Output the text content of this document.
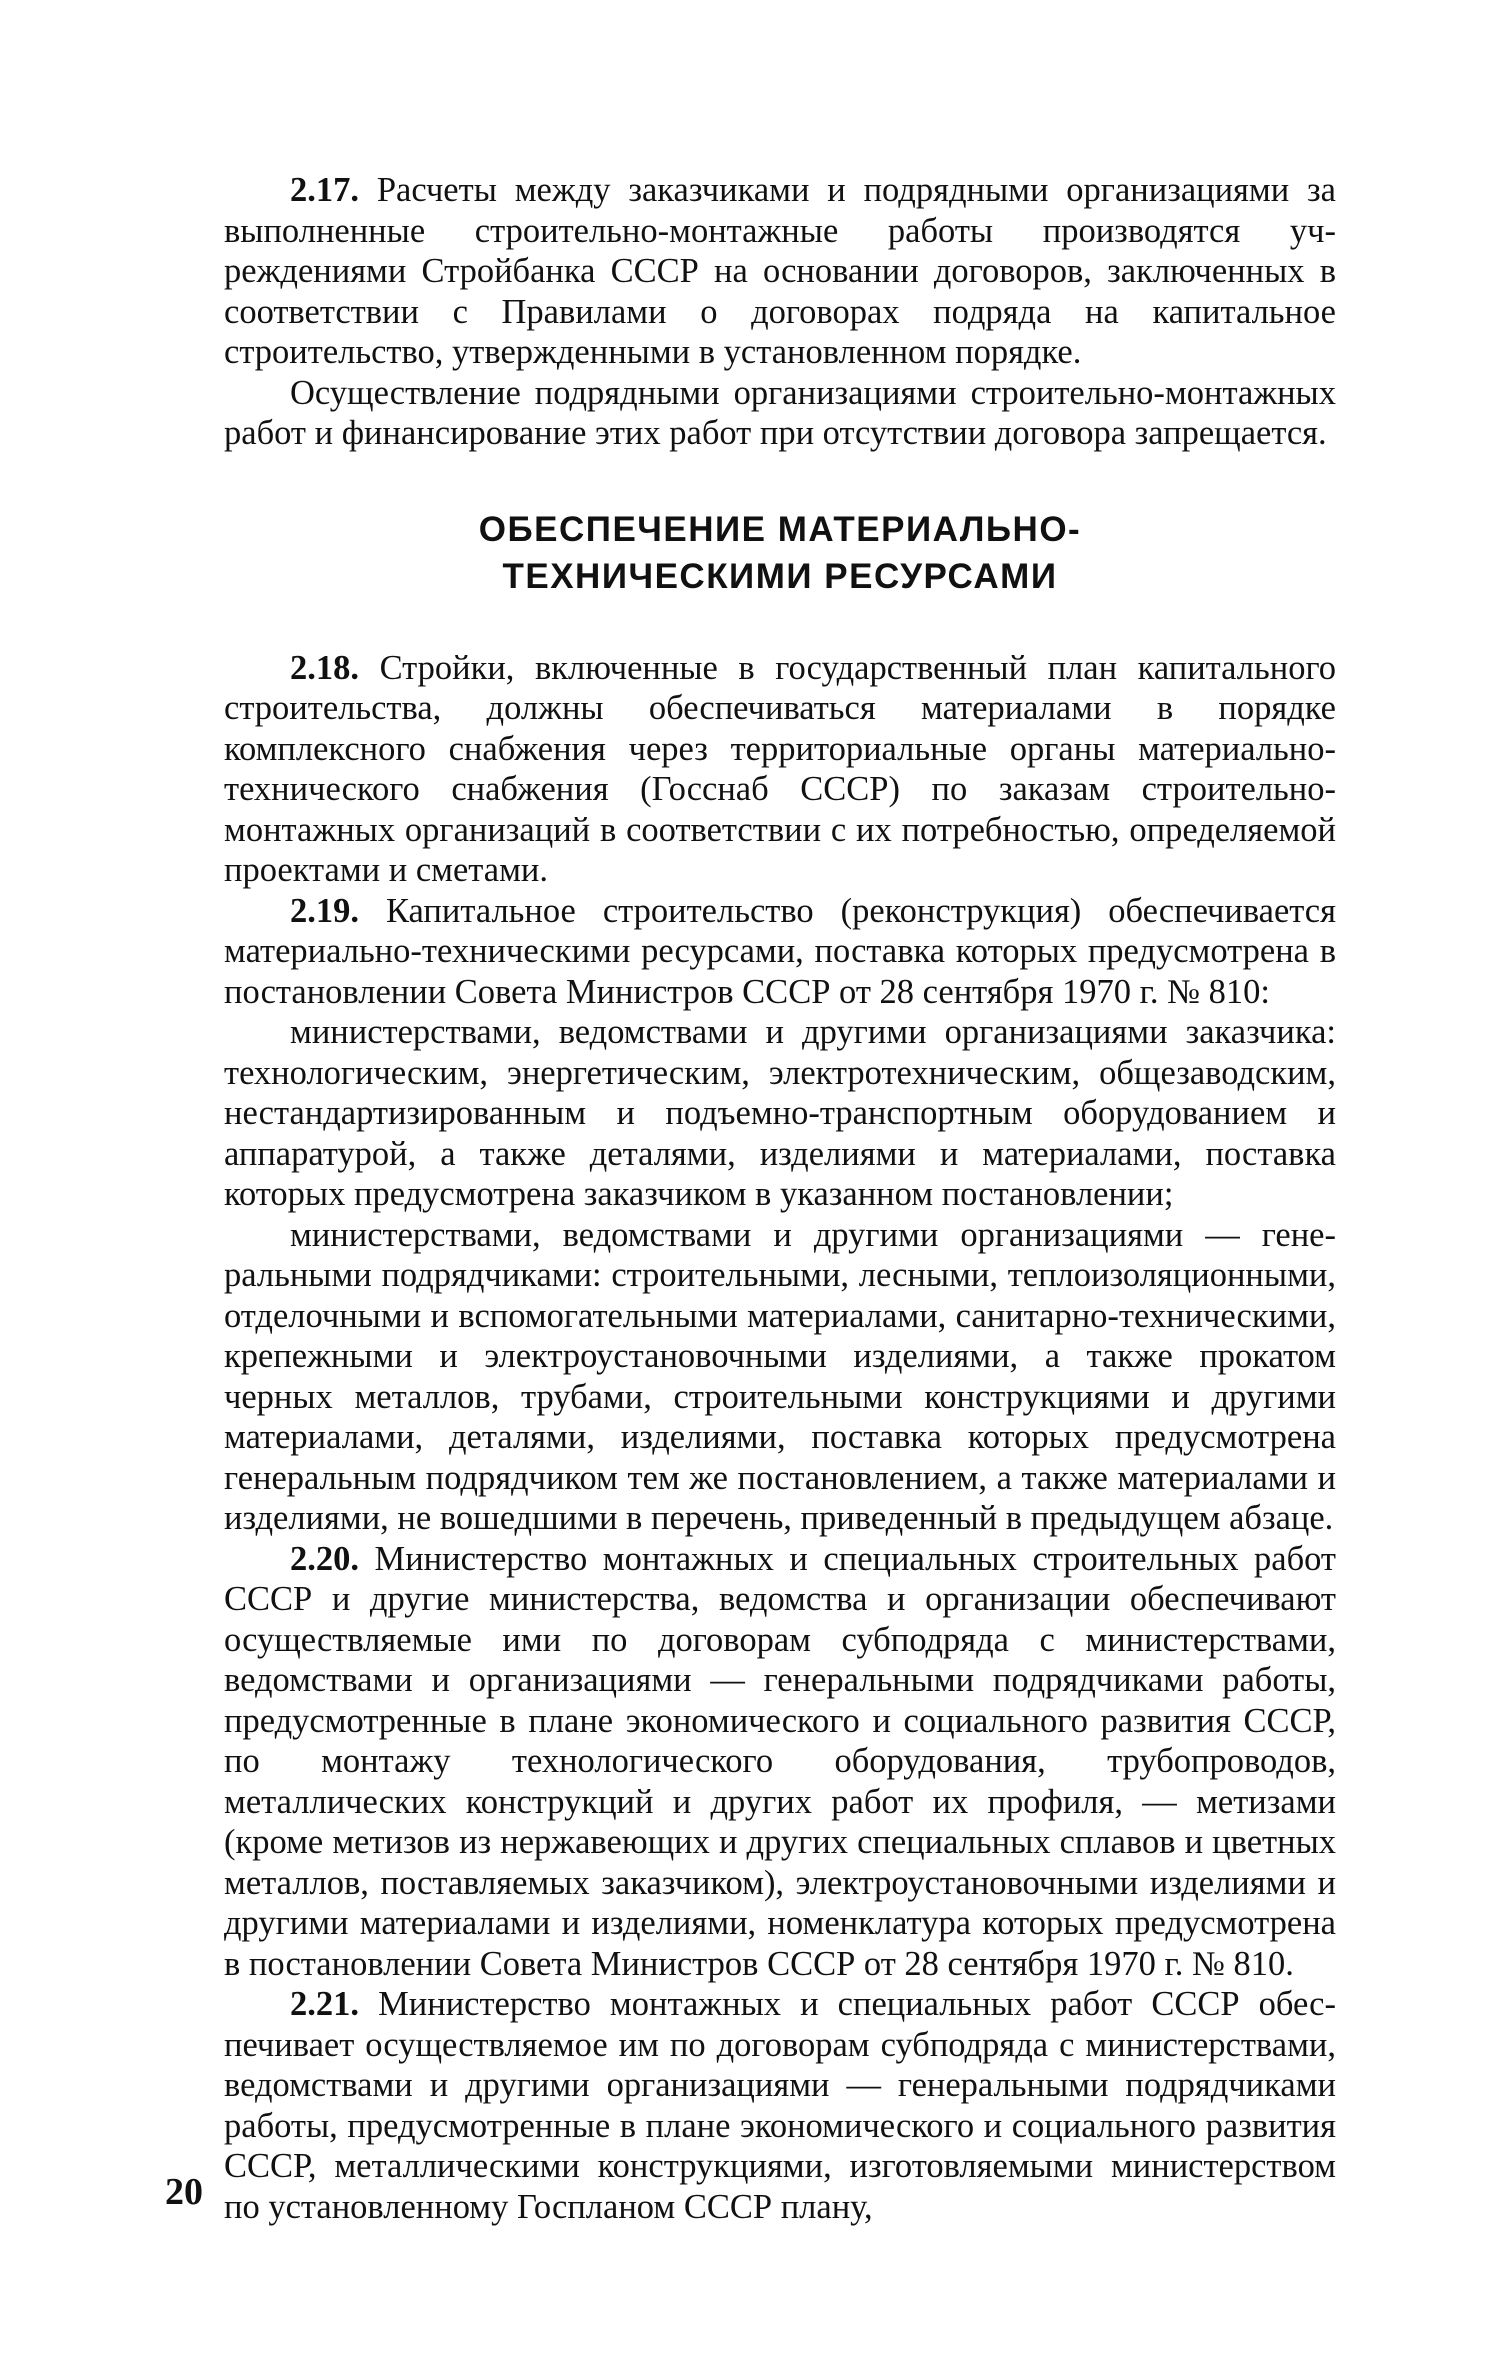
2.17. Расчеты между заказчиками и подрядными организациями за выполненные строительно-монтажные работы производятся учреждениями Стройбанка СССР на основании договоров, заключенных в соответствии с Правилами о договорах подряда на капитальное строительство, утвержденными в установленном порядке.

Осуществление подрядными организациями строительно-монтажных работ и финансирование этих работ при отсутствии договора запрещается.

ОБЕСПЕЧЕНИЕ МАТЕРИАЛЬНО-
ТЕХНИЧЕСКИМИ РЕСУРСАМИ

2.18. Стройки, включенные в государственный план капитального строительства, должны обеспечиваться материалами в порядке комплексного снабжения через территориальные органы материально-технического снабжения (Госснаб СССР) по заказам строительно-монтажных организаций в соответствии с их потребностью, определяемой проектами и сметами.

2.19. Капитальное строительство (реконструкция) обеспечивается материально-техническими ресурсами, поставка которых предусмотрена в постановлении Совета Министров СССР от 28 сентября 1970 г. № 810:

министерствами, ведомствами и другими организациями заказчика: технологическим, энергетическим, электротехническим, общезаводским, нестандартизированным и подъемно-транспортным оборудованием и аппаратурой, а также деталями, изделиями и материалами, поставка которых предусмотрена заказчиком в указанном постановлении;

министерствами, ведомствами и другими организациями — генеральными подрядчиками: строительными, лесными, теплоизоляционными, отделочными и вспомогательными материалами, санитарно-техническими, крепежными и электроустановочными изделиями, а также прокатом черных металлов, трубами, строительными конструкциями и другими материалами, деталями, изделиями, поставка которых предусмотрена генеральным подрядчиком тем же постановлением, а также материалами и изделиями, не вошедшими в перечень, приведенный в предыдущем абзаце.

2.20. Министерство монтажных и специальных строительных работ СССР и другие министерства, ведомства и организации обеспечивают осуществляемые ими по договорам субподряда с министерствами, ведомствами и организациями — генеральными подрядчиками работы, предусмотренные в плане экономического и социального развития СССР, по монтажу технологического оборудования, трубопроводов, металлических конструкций и других работ их профиля, — метизами (кроме метизов из нержавеющих и других специальных сплавов и цветных металлов, поставляемых заказчиком), электроустановочными изделиями и другими материалами и изделиями, номенклатура которых предусмотрена в постановлении Совета Министров СССР от 28 сентября 1970 г. № 810.

2.21. Министерство монтажных и специальных работ СССР обеспечивает осуществляемое им по договорам субподряда с министерствами, ведомствами и другими организациями — генеральными подрядчиками работы, предусмотренные в плане экономического и социального развития СССР, металлическими конструкциями, изготовляемыми министерством по установленному Госпланом СССР плану,

20
